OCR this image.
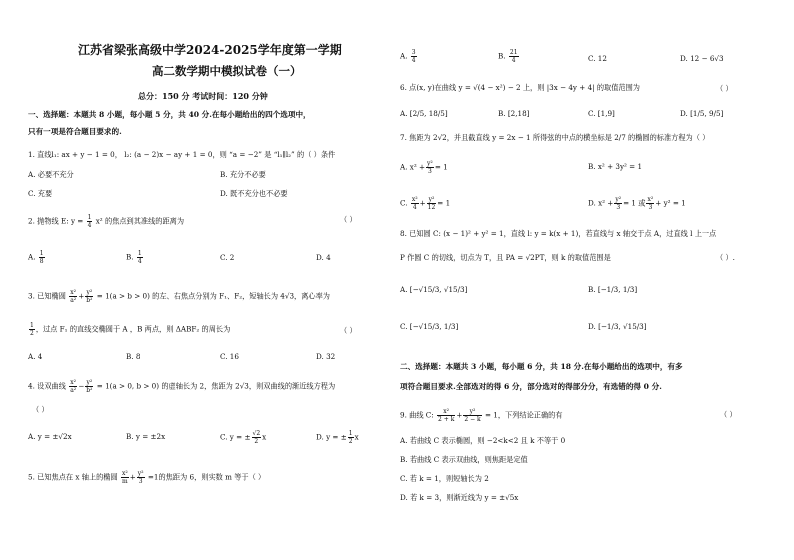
江苏省梁张高级中学2024-2025学年度第一学期
高二数学期中模拟试卷（一）
总分：150 分 考试时间：120 分钟
一、选择题：本题共 8 小题，每小题 5 分，共 40 分.在每小题给出的四个选项中，
只有一项是符合题目要求的.
1. 直线l₁: ax + y − 1 = 0， l₂: (a − 2)x − ay + 1 = 0，则 “a = −2” 是 “l₁∥l₂” 的（ ）条件
A. 必要不充分	B. 充分不必要
C. 充要	D. 既不充分也不必要
2. 抛物线 E: $y = \frac{1}{4} x^2$ 的焦点到其准线的距离为	（ ）
A. $\frac{1}{8}$	B. $\frac{1}{4}$	C. 2	D. 4
3. 已知椭圆 $\frac{\text{x²}}{\text{a²}} + \frac{\text{y²}}{\text{b²}} = 1(a > b > 0)$ 的左、右焦点分别为 F₁、F₂，短轴长为 4√3，离心率为
$\frac{1}{2}$ ，过点 F₁ 的直线交椭圆于 A ，B 两点，则 ΔABF₂ 的周长为	（ ）
A. 4	B. 8	C. 16	D. 32
4. 设双曲线 $\frac{\text{x²}}{\text{a²}} - \frac{\text{y²}}{\text{b²}} = 1(a > 0$, b > 0) 的虚轴长为 2，焦距为 2√3，则双曲线的渐近线方程为
（ ）
A. y = ±√2x	B. y = ±2x	C. y = ± $\frac{√2}{2}$ x	D. y = ± $\frac{1}{2}$ x
5. 已知焦点在 x 轴上的椭圆 $\frac{\text{x²}}{m} + \frac{\text{y²}}{3} =1$的焦距为 6，则实数 m 等于（ ）
A. $\frac{3}{4}$	B. $\frac{21}{4}$	C. 12	D. 12 − 6√3
6. 点(x, y)在曲线 y = √(4 − x²) − 2 上，则 |3x − 4y + 4| 的取值范围为	（ ）
A. [2/5, 18/5]	B. [2,18]	C. [1,9]	D. [1/5, 9/5]
7. 焦距为 2√2，并且截直线 y = 2x − 1 所得弦的中点的横坐标是 2/7 的椭圆的标准方程为（ ）
A. $x^2 + \frac{\text{y²}}{3} = 1$	B. x² + 3y² = 1
C. $\frac{\text{x²}}{4} + \frac{\text{y²}}{12} = 1$	D. $x^2 + \frac{\text{y²}}{3} = 1$ 或 $\frac{\text{x²}}{3} + y^2 = 1$
8. 已知圆 C: (x − 1)² + y² = 1，直线 l: y = k(x + 1)，若直线与 x 轴交于点 A，过直线 l 上一点
P 作圆 C 的切线，切点为 T，且 PA = √2PT，则 k 的取值范围是	（ ）.
A. [−√15/3, √15/3]	B. [−1/3, 1/3]
C. [−√15/3, 1/3]	D. [−1/3, √15/3]
二、选择题：本题共 3 小题，每小题 6 分，共 18 分.在每小题给出的选项中，有多
项符合题目要求.全部选对的得 6 分，部分选对的得部分分，有选错的得 0 分.
9. 曲线 C: $\frac{\text{x²}}{2 + k} + \frac{\text{y²}}{2 - k} = 1$，下列结论正确的有	（ ）
A. 若曲线 C 表示椭圆，则 −2<k<2 且 k 不等于 0
B. 若曲线 C 表示双曲线，则焦距是定值
C. 若 k = 1，则短轴长为 2
D. 若 k = 3，则渐近线为 y = ±√5x
